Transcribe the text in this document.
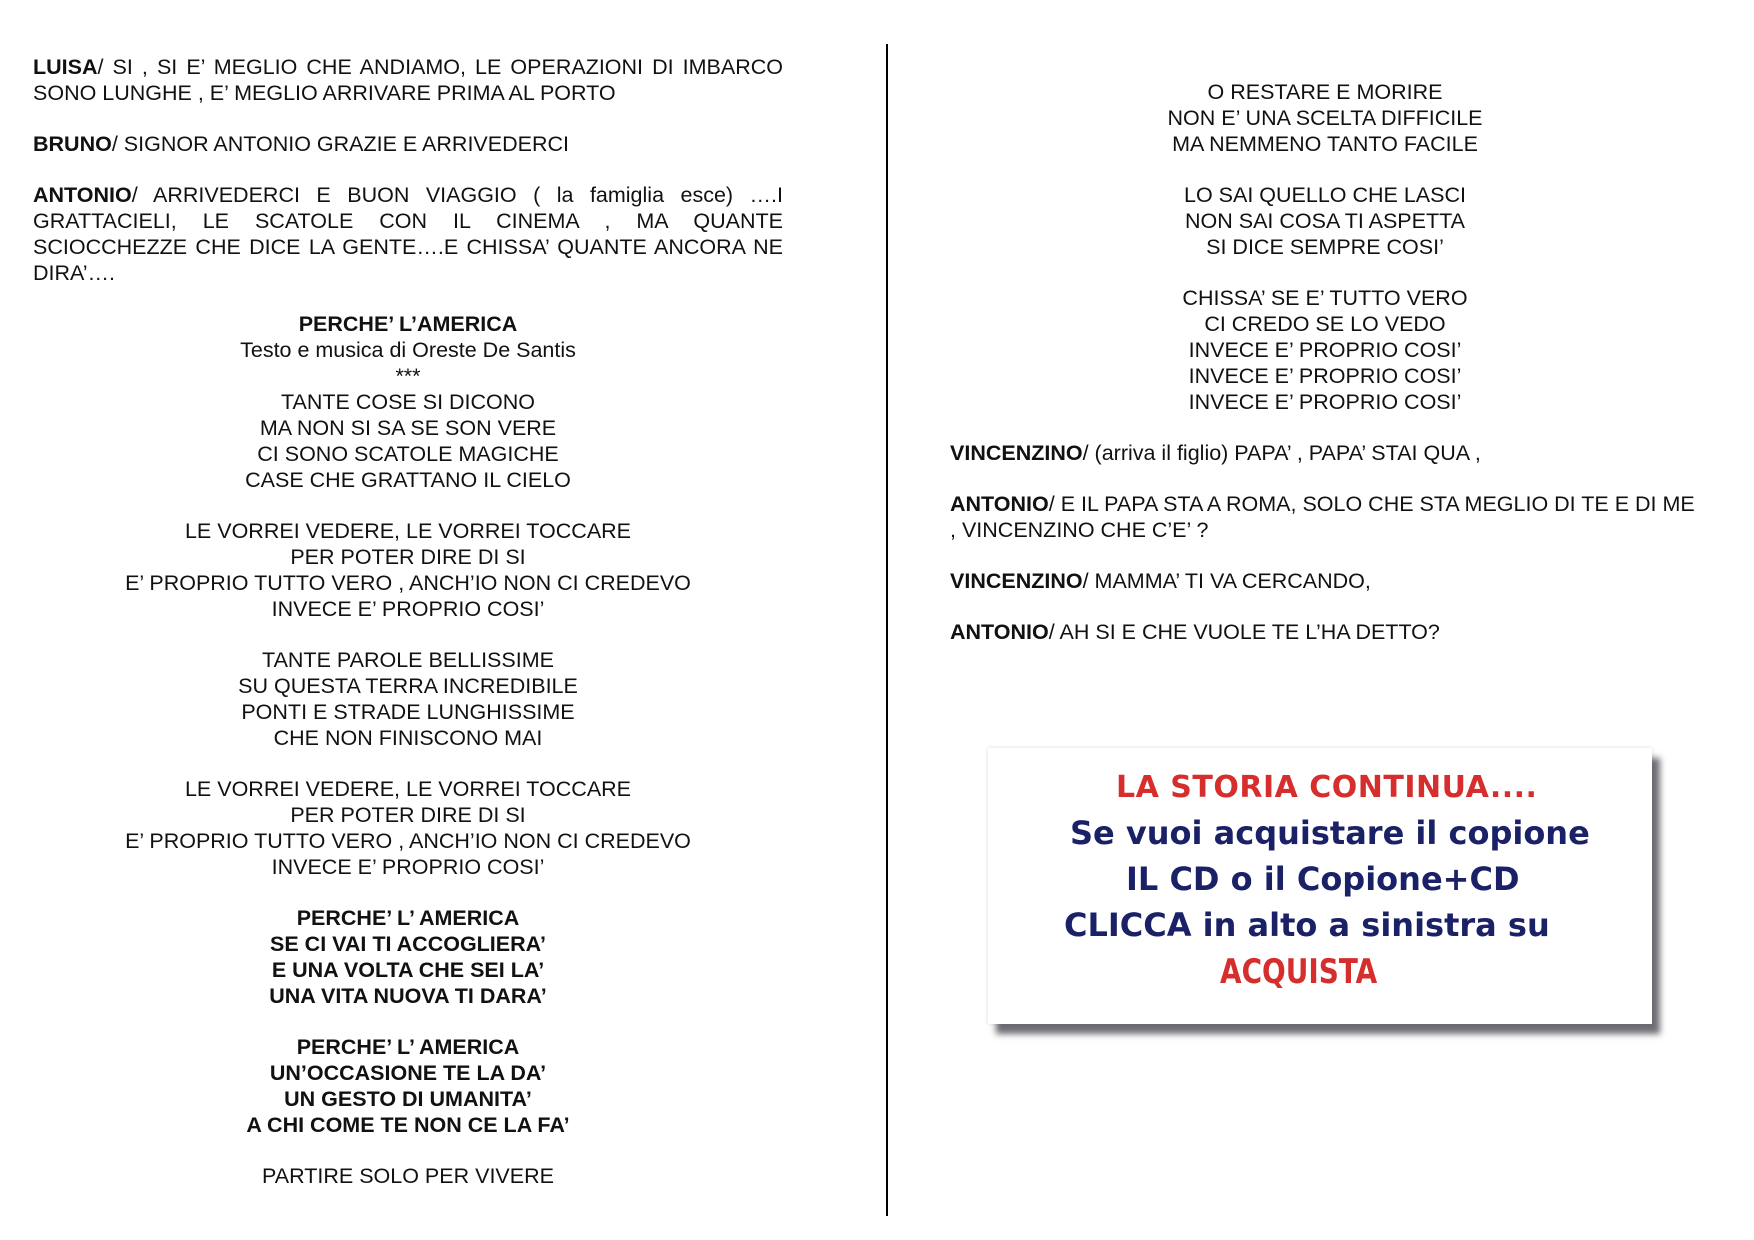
LUISA/ SI , SI E’ MEGLIO CHE ANDIAMO, LE OPERAZIONI DI IMBARCO SONO LUNGHE , E’ MEGLIO ARRIVARE PRIMA AL PORTO

BRUNO/ SIGNOR ANTONIO GRAZIE E ARRIVEDERCI

ANTONIO/ ARRIVEDERCI E BUON VIAGGIO ( la famiglia esce) ….I GRATTACIELI, LE SCATOLE CON IL CINEMA , MA QUANTE SCIOCCHEZZE CHE DICE LA GENTE….E CHISSA’ QUANTE ANCORA NE DIRA’….

PERCHE’ L’AMERICA
Testo e musica di Oreste De Santis
***
TANTE COSE SI DICONO
MA NON SI SA SE SON VERE
CI SONO SCATOLE MAGICHE
CASE CHE GRATTANO IL CIELO
LE VORREI VEDERE, LE VORREI TOCCARE
PER POTER DIRE DI SI
E’ PROPRIO TUTTO VERO , ANCH’IO NON CI CREDEVO
INVECE E’ PROPRIO COSI’
TANTE PAROLE BELLISSIME
SU QUESTA TERRA INCREDIBILE
PONTI E STRADE LUNGHISSIME
CHE NON FINISCONO MAI
LE VORREI VEDERE, LE VORREI TOCCARE
PER POTER DIRE DI SI
E’ PROPRIO TUTTO VERO , ANCH’IO NON CI CREDEVO
INVECE E’ PROPRIO COSI’
PERCHE’ L’ AMERICA
SE CI VAI TI ACCOGLIERA’
E UNA VOLTA CHE SEI LA’
UNA VITA NUOVA TI DARA’
PERCHE’ L’ AMERICA
UN’OCCASIONE TE LA DA’
UN GESTO DI UMANITA’
A CHI COME TE NON CE LA FA’
PARTIRE SOLO PER VIVERE
O RESTARE E MORIRE
NON E’ UNA SCELTA DIFFICILE
MA NEMMENO TANTO FACILE
LO SAI QUELLO CHE LASCI
NON SAI COSA TI ASPETTA
SI DICE SEMPRE COSI’
CHISSA’ SE E’ TUTTO VERO
CI CREDO SE LO VEDO
INVECE E’ PROPRIO COSI’
INVECE E’ PROPRIO COSI’
INVECE E’ PROPRIO COSI’

VINCENZINO/ (arriva il figlio) PAPA’ , PAPA’ STAI QUA ,

ANTONIO/ E IL PAPA STA A ROMA, SOLO CHE STA MEGLIO DI TE E DI ME , VINCENZINO CHE C’E’ ?

VINCENZINO/ MAMMA’ TI VA CERCANDO,

ANTONIO/ AH SI E CHE VUOLE TE L’HA DETTO?

LA STORIA CONTINUA....
Se vuoi acquistare il copione
IL CD o il Copione+CD
CLICCA in alto a sinistra su
ACQUISTA
